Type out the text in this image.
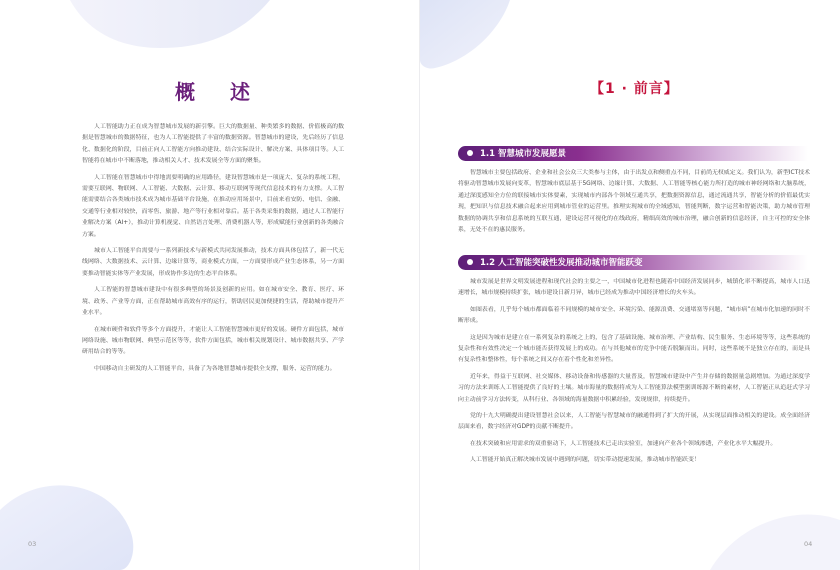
概 述

人工智能助力正在成为智慧城市发展的新引擎。巨大的数据量、种类繁多的数据、价值极高的数据是智慧城市的数据特征，也为人工智能提供了丰富的数据资源。智慧城市的建设，先后经历了信息化、数据化的阶段，目前正向人工智能方向推动建设、结合实际设计、解决方案、具体项目等。人工智能将在城市中不断落地，推动相关人才、技术发展全等方面的聚集。

人工智能在智慧城市中得地需要明确的应用路径，建设智慧城市是一项庞大、复杂的系统工程，需要互联网、物联网、人工智能、大数据、云计算、移动互联网等现代信息技术的有力支撑。人工智能需要结合各类城市技术成为城市基础平台设施，在推动应用场景中，目前来看安防、电信、金融、交通等行业相对较快，而零售、旅游、地产等行业相对靠后。基于各类采集的数据，通过人工智能行业解决方案（AI+），推动计算机视觉、自然语言处理、消费机器人等，形成赋能行业创新的各类融合方案。

城市人工智能平台需要与一系列新技术与新模式共同发展推动，技术方面具体包括了，新一代无线网络、大数据技术、云计算、边缘计算等，商业模式方面，一方面要形成产业生态体系，另一方面要推动智能实体等产业发展，形成协作多边的生态平台体系。

人工智能的智慧城市建设中有很多典型的场景及创新的应用。如在城市安全、教育、医疗、环境、政务、产业等方面，正在帮助城市高效有序的运行，帮助居民更加便捷的生活，帮助城市提升产业水平。

在城市硬件和软件等多个方面提升，才能让人工智能智慧城市更好的发展。硬件方面包括，城市网络设施、城市物联网、典型示范区等等，软件方面包括，城市相关规划设计、城市数据共享、产学研用结合的等等。

中国移动自主研发的人工智能平台，具备了为各地智慧城市提供全支撑，服务、运营的能力。

03
【1 · 前言】
1.1 智慧城市发展愿景

智慧城市主要包括政府、企业和社会公众三大类参与主体，由于出发点和侧重点不同，目前尚无权威定义。我们认为，新型ICT技术将驱动智慧城市发展向变革，智慧城市底层基于5G网络、边缘计算、大数据、人工智能等核心能力所打造的城市神经网络和大脑系统，通过深度感知全方位的联接城市实体要素，实现城市内部各个领域互通共享，把数据资源信息，通过流通共享，智能分析的价值最优实现，把知识与信息技术融合起来应用到城市管业的运营里。推理实现城市的全域感知，智能判断，数字运营和智能决策，助力城市管理数据的协调共享和信息系统的互联互通，建设运营可视化的在线政府，精细高效的城市治理，融合创新的信息经济，自主可控的安全体系，无处不在的惠民服务。

1.2 人工智能突破性发展推动城市智能跃变

城市发展是世界文明发展进程和现代社会的主要之一，中国城市化进程也随着中国经济发展同步，城镇化率不断提高，城市人口迅速增长，城市规模持续扩张，城市建设日新月异，城市已经成为推动中国经济增长的火车头。

如图表看，几乎每个城市都面临着不同规模的城市安全、环境污染、能源浪费、交通堵塞等问题，“城市病”在城市化加速的同时不断形成。

这是因为城市是建立在一系列复杂的系统之上的，包含了基础设施、城市治理、产业结构、民生服务、生态环境等等，这些系统的复杂性和有效性决定一个城市能否获得发展上的成功。在与其他城市的竞争中能否脱颖而出。同时，这些系统不是独立存在的，而是具有复杂性和整体性，每个系统之间又存在着个性化和差异性。

近年来，得益于互联网、社交媒体、移动设备和传感器的大量普及，智慧城市建设中产生并存储的数据量急剧增加。为通过深度学习的方法来训练人工智能提供了良好的土壤。城市海量的数据将成为人工智能算法模型据训练源不断的素材，人工智能正从追赶式学习向主动前学习方法转变，从科行业、各领域的海量数据中积累经验，发现规律，持续提升。

党的十九大明确提出建设智慧社会以来，人工智能与智慧城市的融通得到了扩大的开展，从实现层面推动相关的建设。成全面经济层面来看，数字经济对GDP的贡献不断提升。

在技术突破和应用需求的双重驱动下，人工智能技术已走出实验室，加速向产业各个领域渗透，产业化水平大幅提升。

人工智能开始真正解决城市发展中遇到的问题，切实带动提速发展，推动城市智能跃变！

04
